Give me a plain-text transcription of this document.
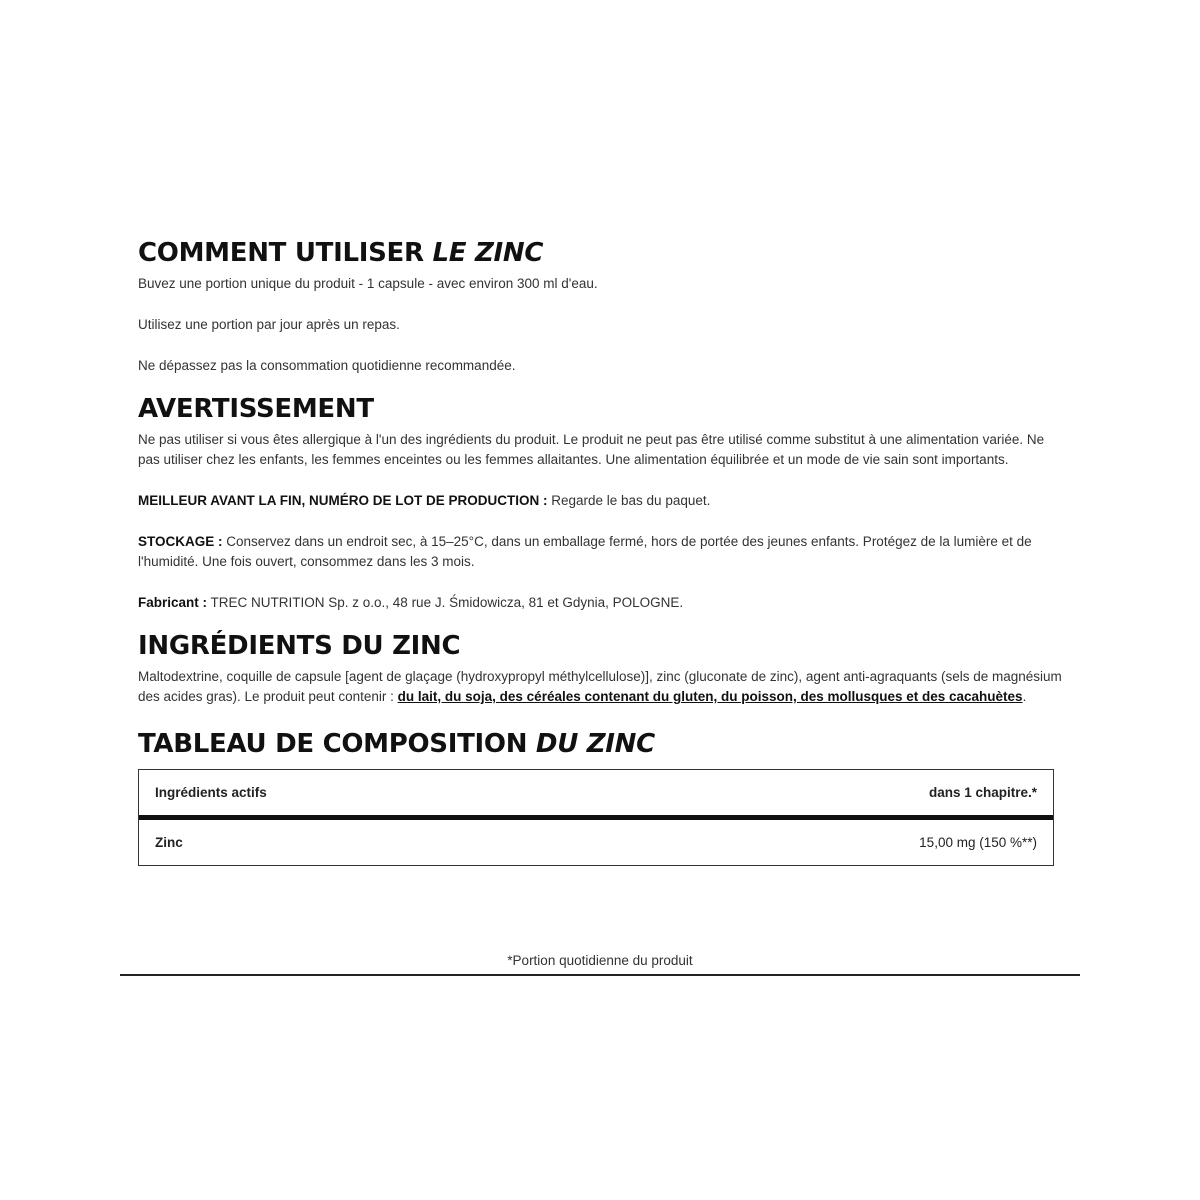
COMMENT UTILISER LE ZINC

Buvez une portion unique du produit - 1 capsule - avec environ 300 ml d'eau.

Utilisez une portion par jour après un repas.

Ne dépassez pas la consommation quotidienne recommandée.

AVERTISSEMENT

Ne pas utiliser si vous êtes allergique à l'un des ingrédients du produit. Le produit ne peut pas être utilisé comme substitut à une alimentation variée. Ne pas utiliser chez les enfants, les femmes enceintes ou les femmes allaitantes. Une alimentation équilibrée et un mode de vie sain sont importants.

MEILLEUR AVANT LA FIN, NUMÉRO DE LOT DE PRODUCTION : Regarde le bas du paquet.

STOCKAGE : Conservez dans un endroit sec, à 15–25°C, dans un emballage fermé, hors de portée des jeunes enfants. Protégez de la lumière et de l'humidité. Une fois ouvert, consommez dans les 3 mois.

Fabricant : TREC NUTRITION Sp. z o.o., 48 rue J. Śmidowicza, 81 et Gdynia, POLOGNE.

INGRÉDIENTS DU ZINC

Maltodextrine, coquille de capsule [agent de glaçage (hydroxypropyl méthylcellulose)], zinc (gluconate de zinc), agent anti-agraquants (sels de magnésium des acides gras). Le produit peut contenir : du lait, du soja, des céréales contenant du gluten, du poisson, des mollusques et des cacahuètes.

TABLEAU DE COMPOSITION DU ZINC
Ingrédients actifs	dans 1 chapitre.*
Zinc	15,00 mg (150 %**)
*Portion quotidienne du produit
